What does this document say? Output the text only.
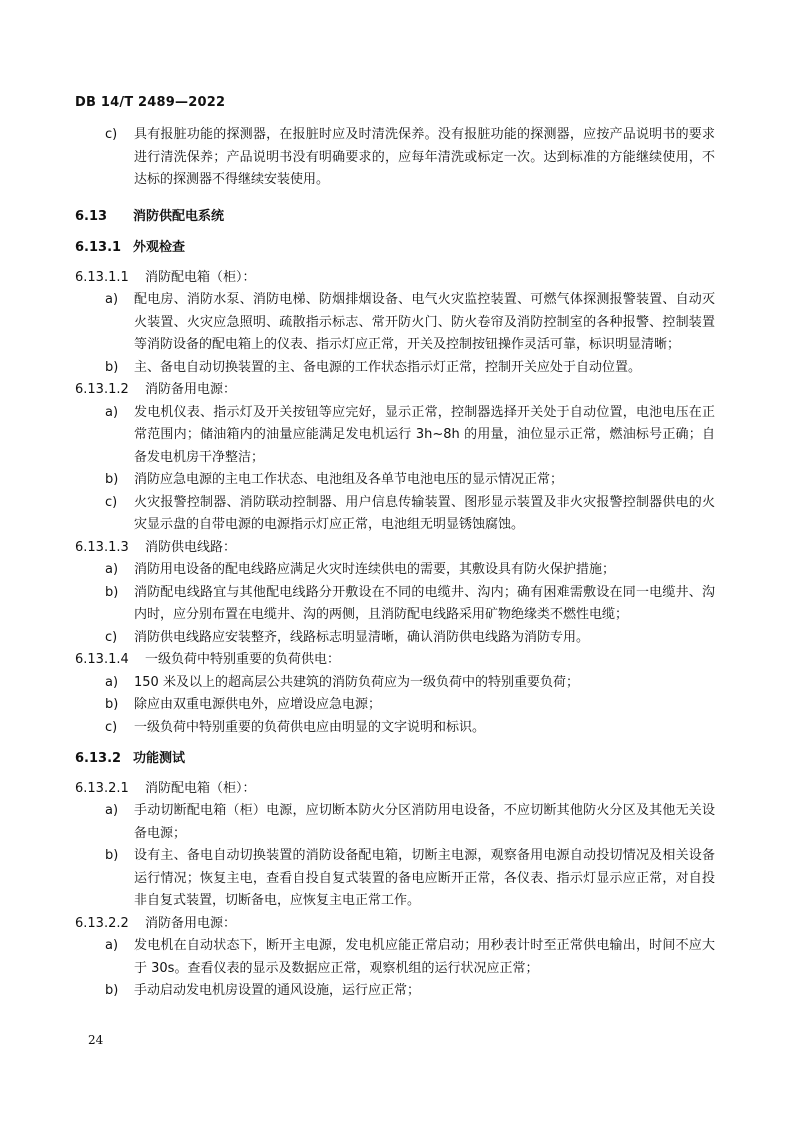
DB 14/T 2489—2022
c)	具有报脏功能的探测器，在报脏时应及时清洗保养。没有报脏功能的探测器，应按产品说明书的要求进行清洗保养；产品说明书没有明确要求的，应每年清洗或标定一次。达到标准的方能继续使用，不达标的探测器不得继续安装使用。
6.13 消防供配电系统
6.13.1 外观检查
6.13.1.1 消防配电箱（柜）：
a)	配电房、消防水泵、消防电梯、防烟排烟设备、电气火灾监控装置、可燃气体探测报警装置、自动灭火装置、火灾应急照明、疏散指示标志、常开防火门、防火卷帘及消防控制室的各种报警、控制装置等消防设备的配电箱上的仪表、指示灯应正常，开关及控制按钮操作灵活可靠，标识明显清晰；
b)	主、备电自动切换装置的主、备电源的工作状态指示灯正常，控制开关应处于自动位置。
6.13.1.2 消防备用电源：
a)	发电机仪表、指示灯及开关按钮等应完好，显示正常，控制器选择开关处于自动位置，电池电压在正常范围内；储油箱内的油量应能满足发电机运行 3h~8h 的用量，油位显示正常，燃油标号正确；自备发电机房干净整洁；
b)	消防应急电源的主电工作状态、电池组及各单节电池电压的显示情况正常；
c)	火灾报警控制器、消防联动控制器、用户信息传输装置、图形显示装置及非火灾报警控制器供电的火灾显示盘的自带电源的电源指示灯应正常，电池组无明显锈蚀腐蚀。
6.13.1.3 消防供电线路：
a)	消防用电设备的配电线路应满足火灾时连续供电的需要，其敷设具有防火保护措施；
b)	消防配电线路宜与其他配电线路分开敷设在不同的电缆井、沟内；确有困难需敷设在同一电缆井、沟内时，应分别布置在电缆井、沟的两侧，且消防配电线路采用矿物绝缘类不燃性电缆；
c)	消防供电线路应安装整齐，线路标志明显清晰，确认消防供电线路为消防专用。
6.13.1.4 一级负荷中特别重要的负荷供电：
a)	150 米及以上的超高层公共建筑的消防负荷应为一级负荷中的特别重要负荷；
b)	除应由双重电源供电外，应增设应急电源；
c)	一级负荷中特别重要的负荷供电应由明显的文字说明和标识。
6.13.2 功能测试
6.13.2.1 消防配电箱（柜）：
a)	手动切断配电箱（柜）电源，应切断本防火分区消防用电设备，不应切断其他防火分区及其他无关设备电源；
b)	设有主、备电自动切换装置的消防设备配电箱，切断主电源，观察备用电源自动投切情况及相关设备运行情况；恢复主电，查看自投自复式装置的备电应断开正常，各仪表、指示灯显示应正常，对自投非自复式装置，切断备电，应恢复主电正常工作。
6.13.2.2 消防备用电源：
a)	发电机在自动状态下，断开主电源，发电机应能正常启动；用秒表计时至正常供电输出，时间不应大于 30s。查看仪表的显示及数据应正常，观察机组的运行状况应正常；
b)	手动启动发电机房设置的通风设施，运行应正常；
24
